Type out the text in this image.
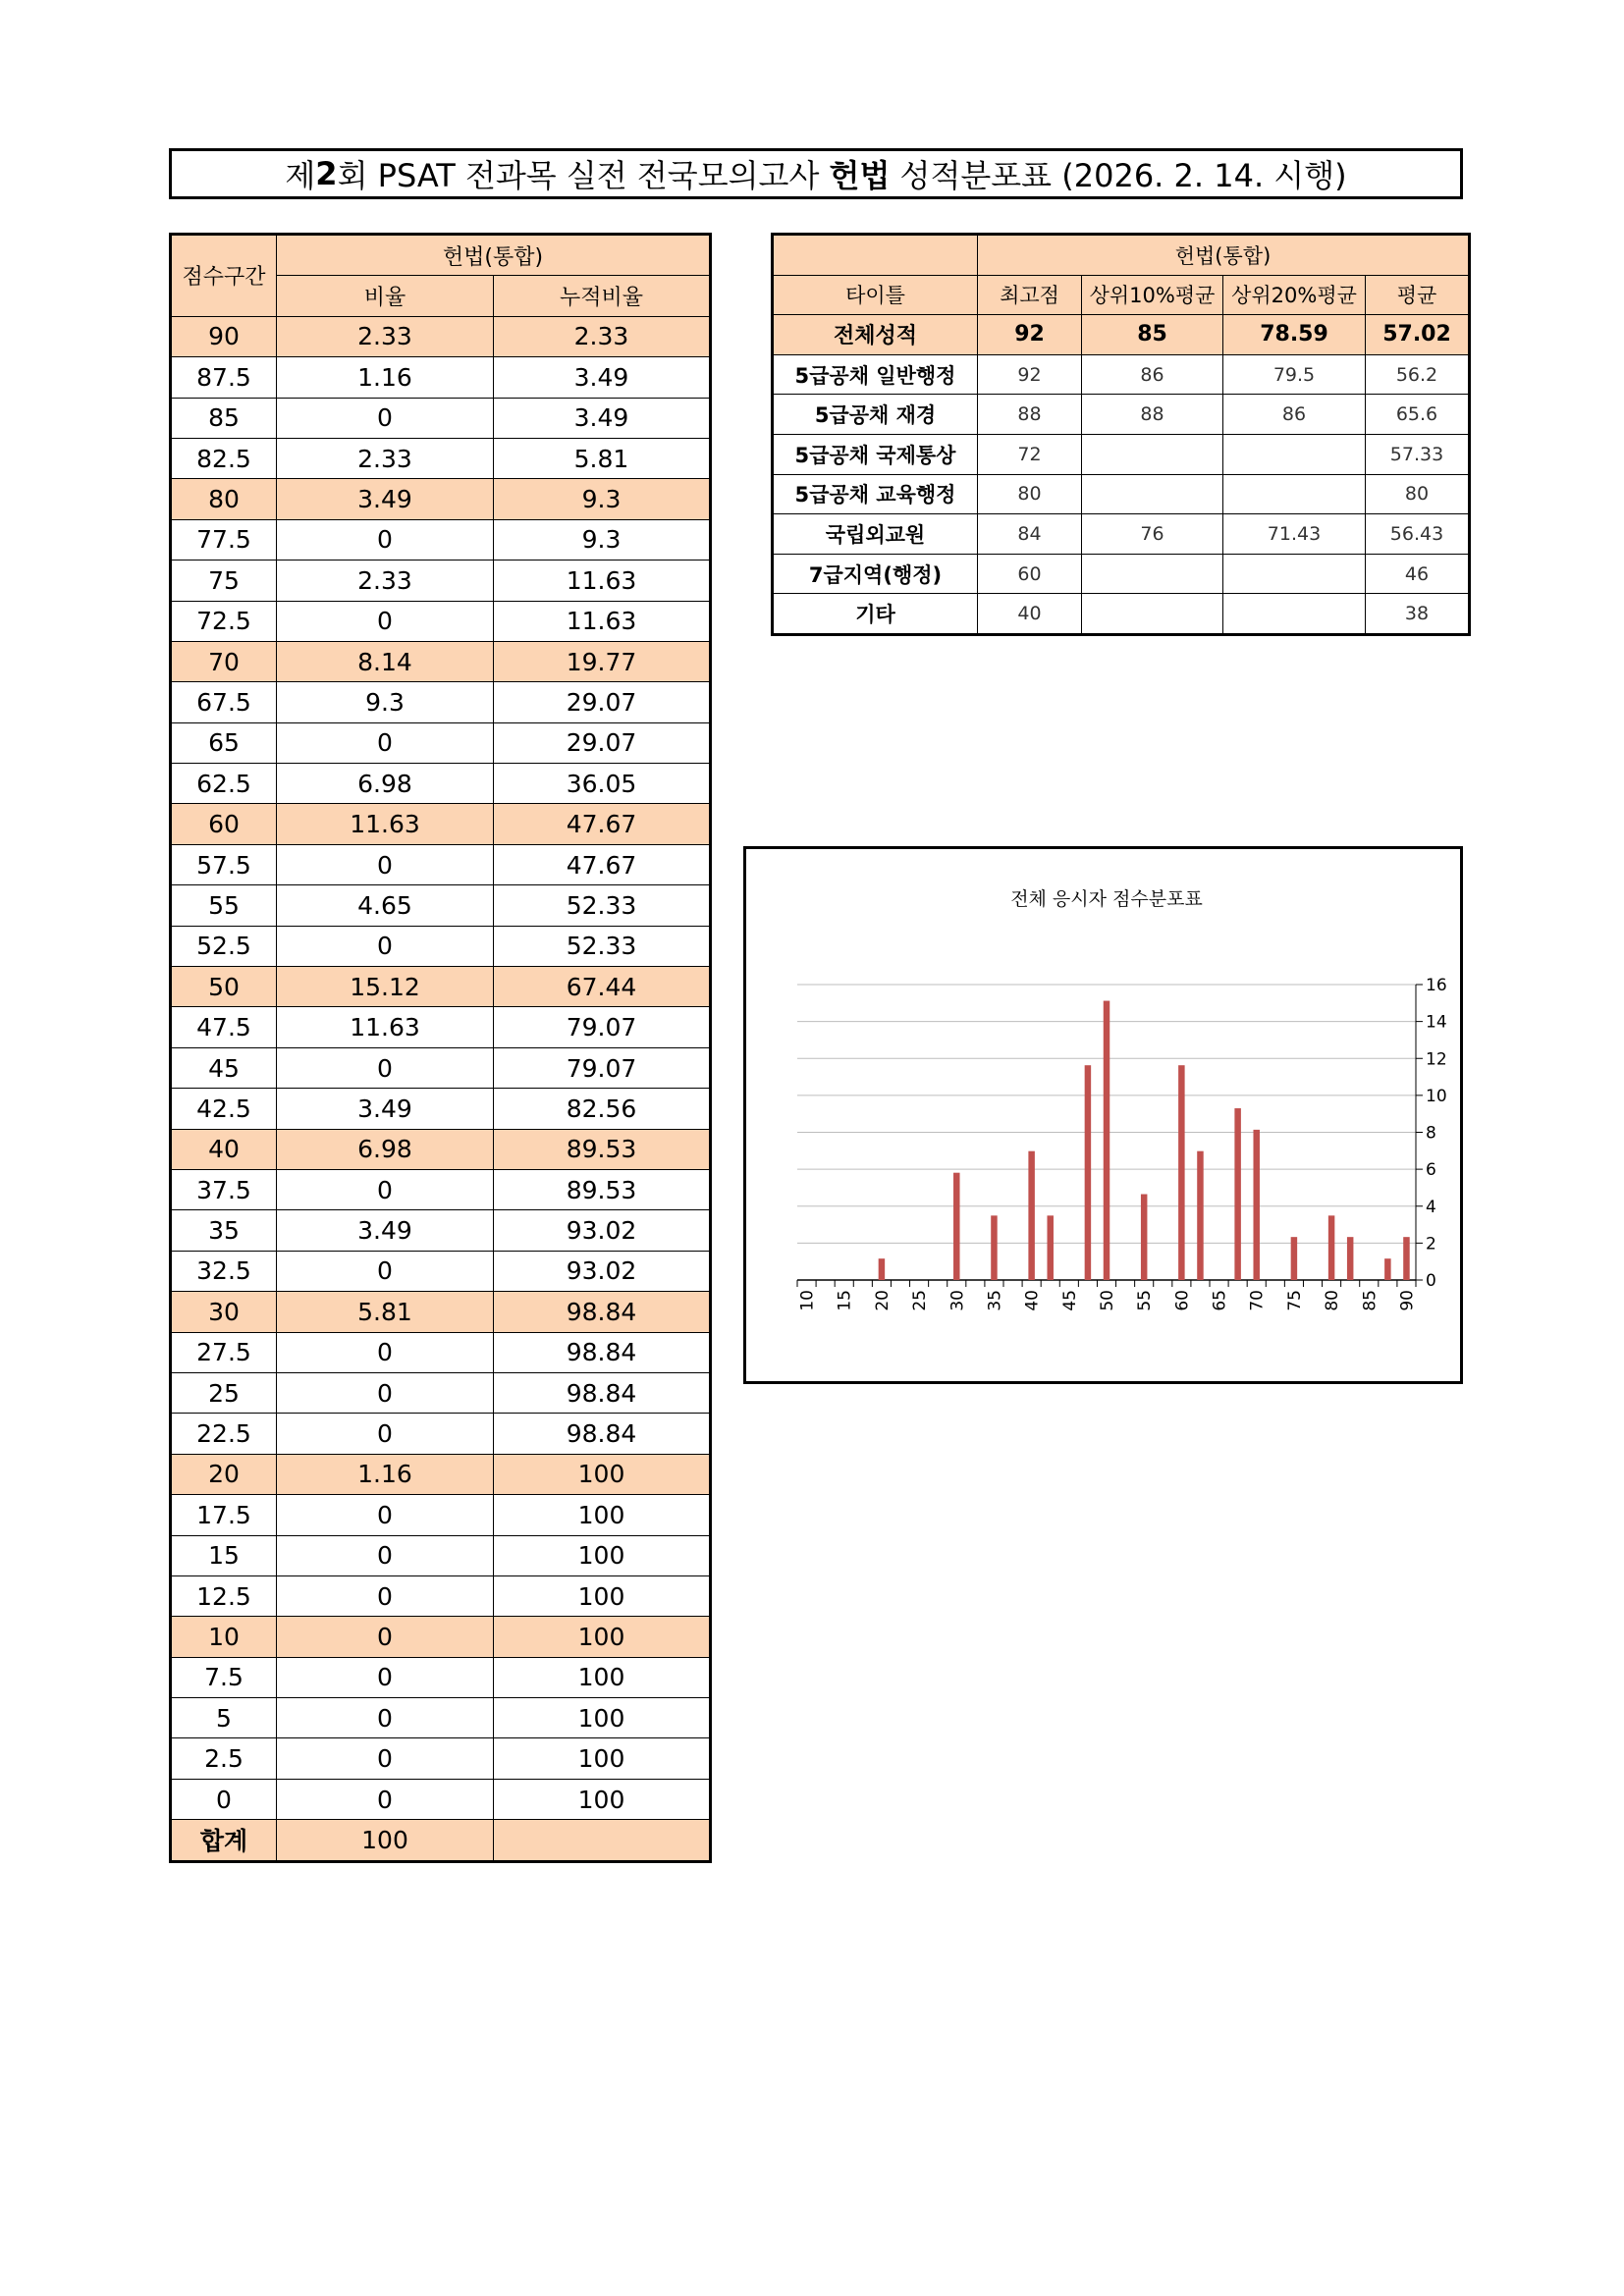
제 2 회 PSAT 전과목 실전 전국모의고사 헌법 성적분포표 (2026. 2. 14. 시행)
점수구간	헌법(통합)	
	비율	누적비율
90	2.33	2.33
87.5	1.16	3.49
85	0	3.49
82.5	2.33	5.81
80	3.49	9.3
77.5	0	9.3
75	2.33	11.63
72.5	0	11.63
70	8.14	19.77
67.5	9.3	29.07
65	0	29.07
62.5	6.98	36.05
60	11.63	47.67
57.5	0	47.67
55	4.65	52.33
52.5	0	52.33
50	15.12	67.44
47.5	11.63	79.07
45	0	79.07
42.5	3.49	82.56
40	6.98	89.53
37.5	0	89.53
35	3.49	93.02
32.5	0	93.02
30	5.81	98.84
27.5	0	98.84
25	0	98.84
22.5	0	98.84
20	1.16	100
17.5	0	100
15	0	100
12.5	0	100
10	0	100
7.5	0	100
5	0	100
2.5	0	100
0	0	100
합계	100	
	헌법(통합)			
타이틀	최고점	상위10%평균	상위20%평균	평균
전체성적	92	85	78.59	57.02
5급공채 일반행정	92	86	79.5	56.2
5급공채 재경	88	88	86	65.6
5급공채 국제통상	72			57.33
5급공채 교육행정	80			80
국립외교원	84	76	71.43	56.43
7급지역(행정)	60			46
기타	40			38
전체 응시자 점수분포표
0
2
4
6
8
10
12
14
16
10 15 20 25 30 35 40 45 50 55 60 65 70 75 80 85 90
